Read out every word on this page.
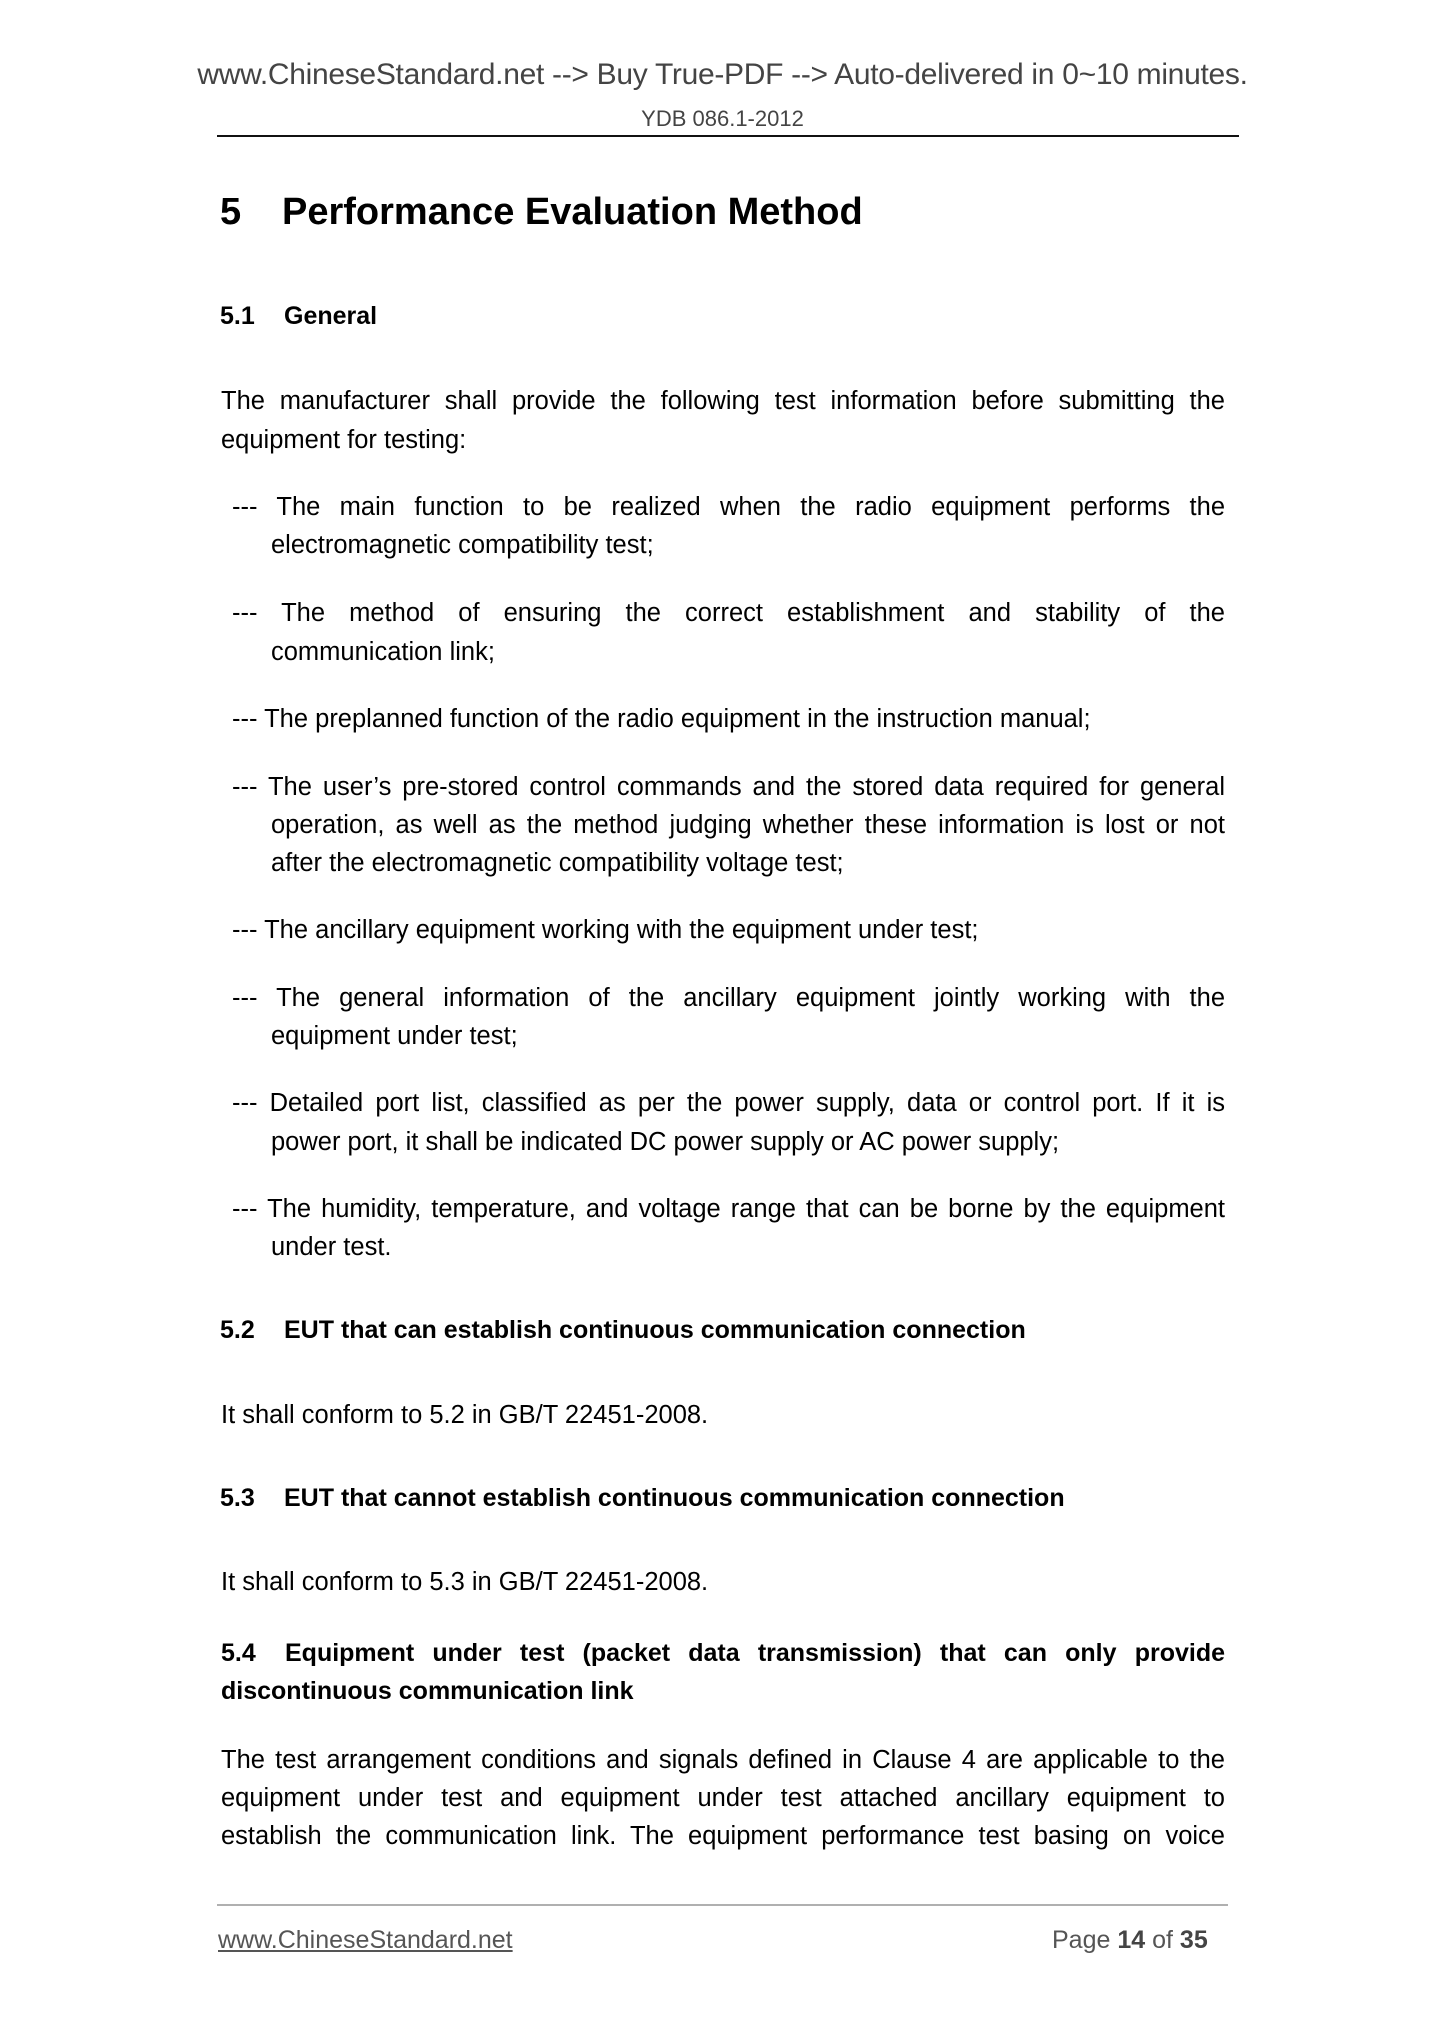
www.ChineseStandard.net --> Buy True-PDF --> Auto-delivered in 0~10 minutes.
YDB 086.1-2012
5 Performance Evaluation Method
5.1 General
The manufacturer shall provide the following test information before submitting the
equipment for testing:
--- The main function to be realized when the radio equipment performs the
electromagnetic compatibility test;
--- The method of ensuring the correct establishment and stability of the
communication link;
--- The preplanned function of the radio equipment in the instruction manual;
--- The user’s pre-stored control commands and the stored data required for general
operation, as well as the method judging whether these information is lost or not
after the electromagnetic compatibility voltage test;
--- The ancillary equipment working with the equipment under test;
--- The general information of the ancillary equipment jointly working with the
equipment under test;
--- Detailed port list, classified as per the power supply, data or control port. If it is
power port, it shall be indicated DC power supply or AC power supply;
--- The humidity, temperature, and voltage range that can be borne by the equipment
under test.
5.2 EUT that can establish continuous communication connection
It shall conform to 5.2 in GB/T 22451-2008.
5.3 EUT that cannot establish continuous communication connection
It shall conform to 5.3 in GB/T 22451-2008.
5.4 Equipment under test (packet data transmission) that can only provide
discontinuous communication link
The test arrangement conditions and signals defined in Clause 4 are applicable to the
equipment under test and equipment under test attached ancillary equipment to
establish the communication link. The equipment performance test basing on voice
www.ChineseStandard.net	Page 14 of 35
